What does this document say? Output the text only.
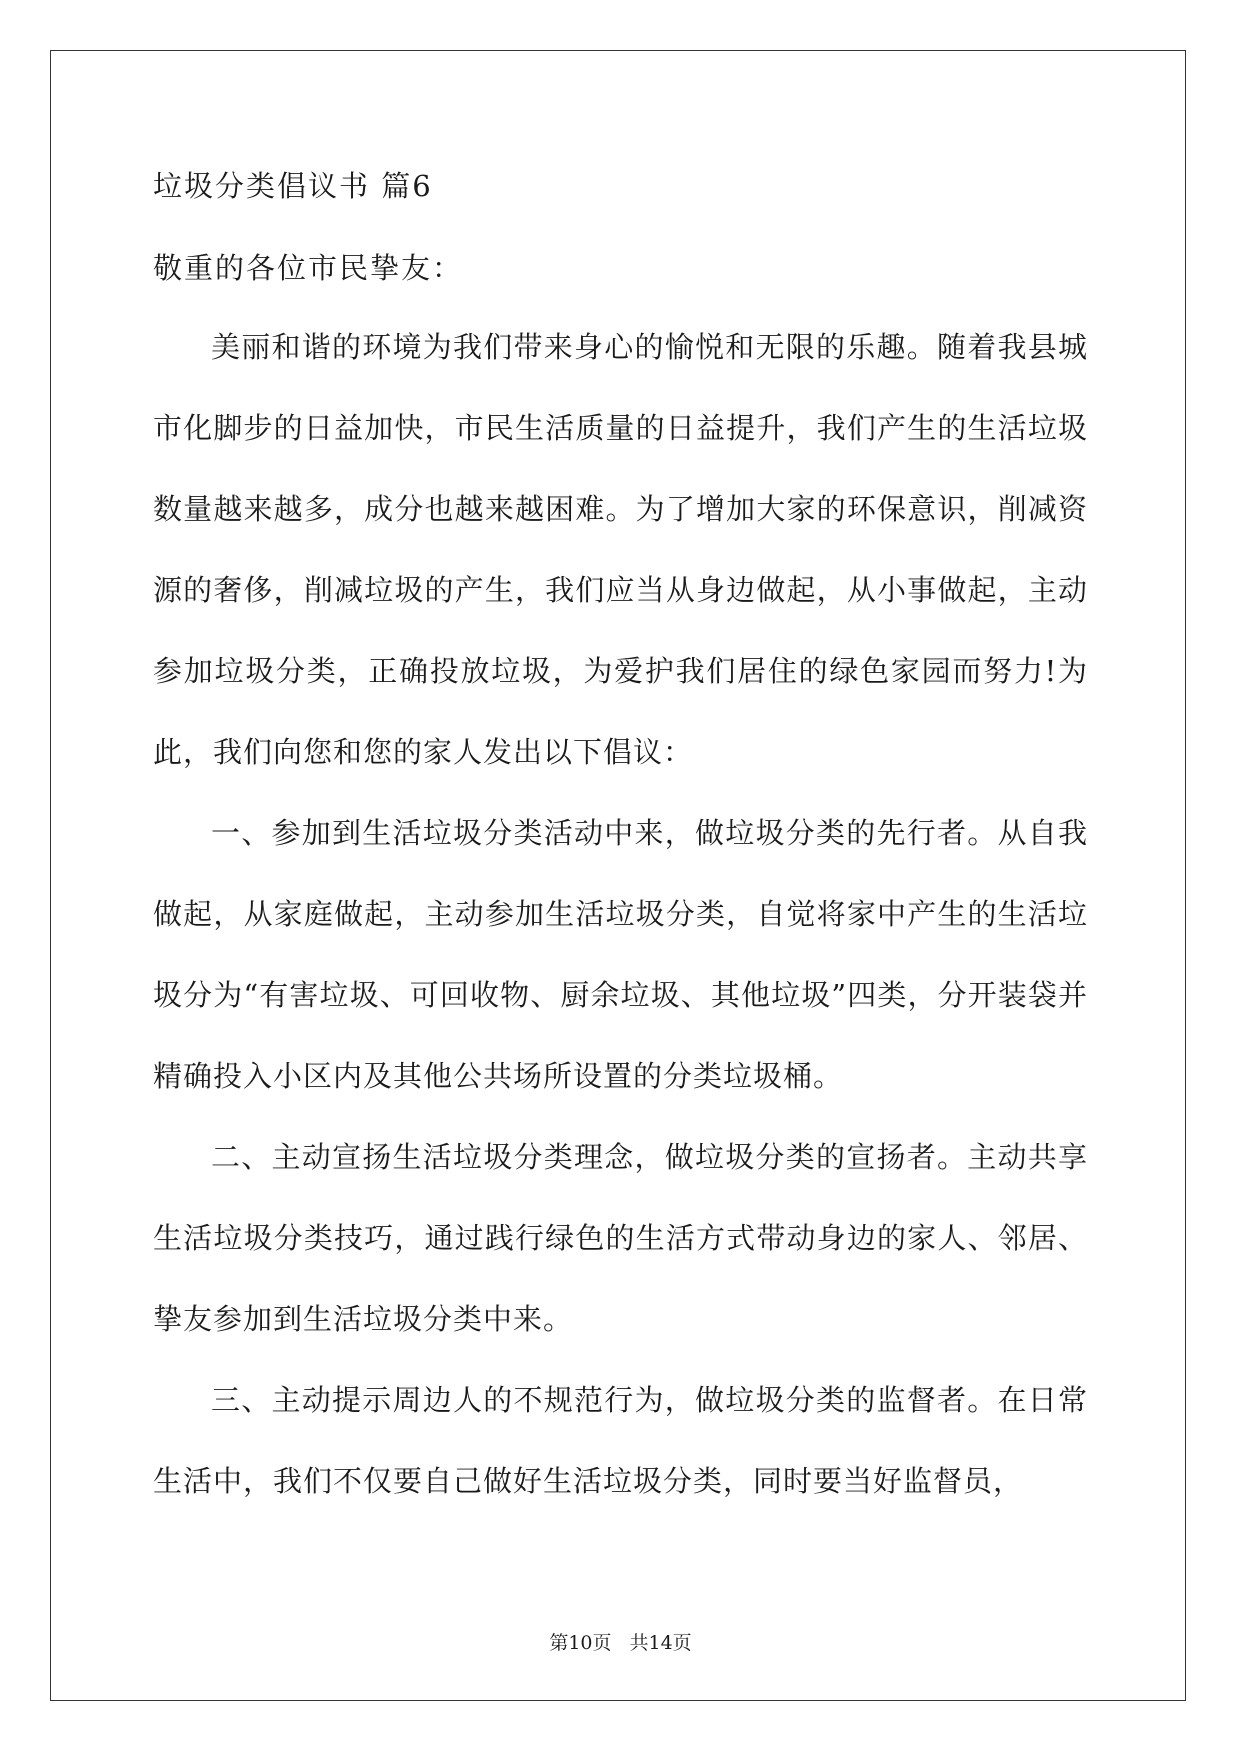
垃圾分类倡议书 篇6
敬重的各位市民挚友：

美丽和谐的环境为我们带来身心的愉悦和无限的乐趣。随着我县城市化脚步的日益加快，市民生活质量的日益提升，我们产生的生活垃圾数量越来越多，成分也越来越困难。为了增加大家的环保意识，削减资源的奢侈，削减垃圾的产生，我们应当从身边做起，从小事做起，主动参加垃圾分类，正确投放垃圾，为爱护我们居住的绿色家园而努力!为此，我们向您和您的家人发出以下倡议：

一、参加到生活垃圾分类活动中来，做垃圾分类的先行者。从自我做起，从家庭做起，主动参加生活垃圾分类，自觉将家中产生的生活垃圾分为“有害垃圾、可回收物、厨余垃圾、其他垃圾”四类，分开装袋并精确投入小区内及其他公共场所设置的分类垃圾桶。

二、主动宣扬生活垃圾分类理念，做垃圾分类的宣扬者。主动共享生活垃圾分类技巧，通过践行绿色的生活方式带动身边的家人、邻居、挚友参加到生活垃圾分类中来。

三、主动提示周边人的不规范行为，做垃圾分类的监督者。在日常生活中，我们不仅要自己做好生活垃圾分类，同时要当好监督员，

第10页 共14页
